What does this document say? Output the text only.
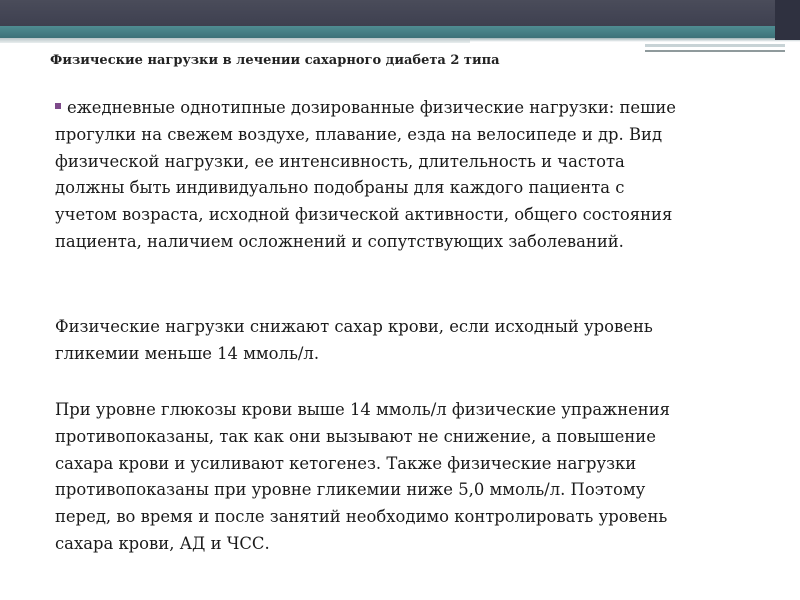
Физические нагрузки в лечении сахарного диабета 2 типа
ежедневные однотипные дозированные физические нагрузки: пешие
прогулки на свежем воздухе, плавание, езда на велосипеде и др. Вид
физической нагрузки, ее интенсивность, длительность и частота
должны быть индивидуально подобраны для каждого пациента с
учетом возраста, исходной физической активности, общего состояния
пациента, наличием осложнений и сопутствующих заболеваний.
Физические нагрузки снижают сахар крови, если исходный уровень
гликемии меньше 14 ммоль/л.
При уровне глюкозы крови выше 14 ммоль/л физические упражнения
противопоказаны, так как они вызывают не снижение, а повышение
сахара крови и усиливают кетогенез. Также физические нагрузки
противопоказаны при уровне гликемии ниже 5,0 ммоль/л. Поэтому
перед, во время и после занятий необходимо контролировать уровень
сахара крови, АД и ЧСС.
